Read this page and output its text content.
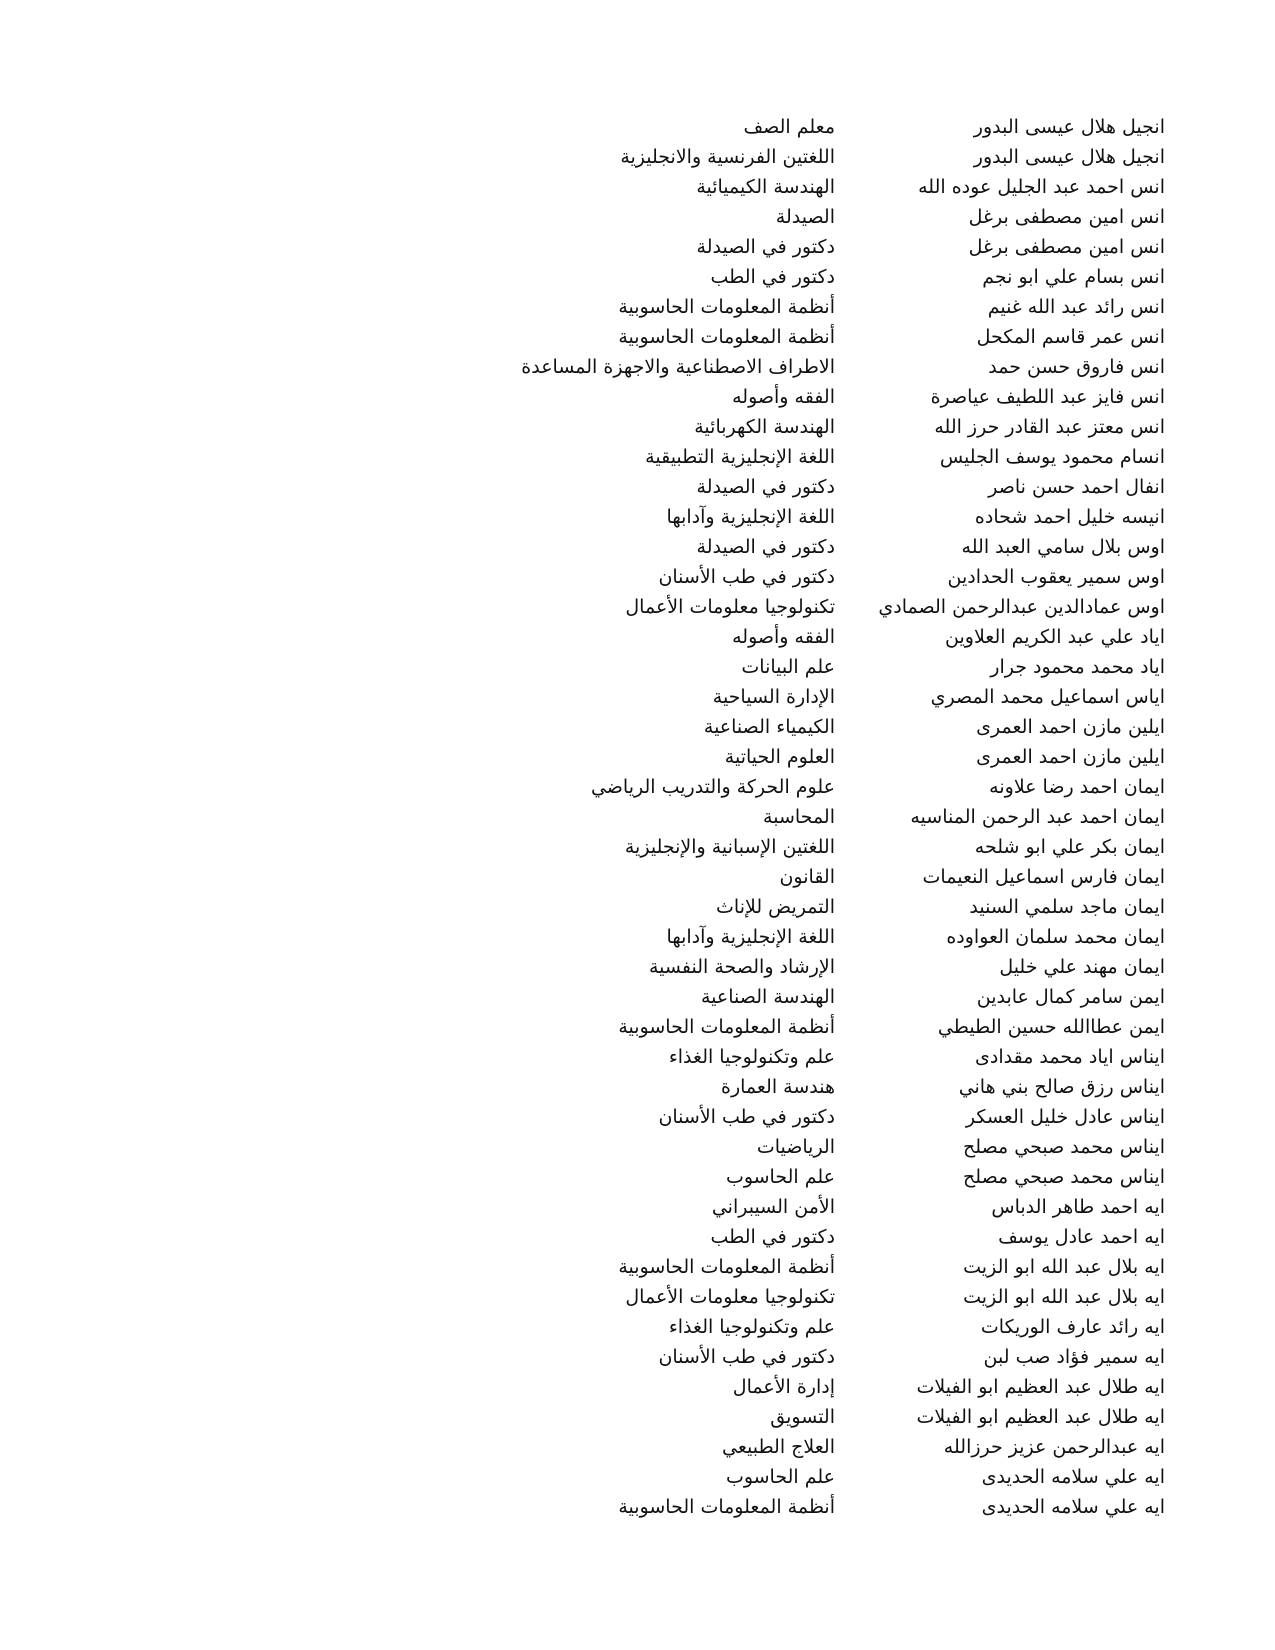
انجيل هلال عيسى البدور
معلم الصف
انجيل هلال عيسى البدور
اللغتين الفرنسية والانجليزية
انس احمد عبد الجليل عوده الله
الهندسة الكيميائية
انس امين مصطفى برغل
الصيدلة
انس امين مصطفى برغل
دكتور في الصيدلة
انس بسام علي ابو نجم
دكتور في الطب
انس رائد عبد الله غنيم
أنظمة المعلومات الحاسوبية
انس عمر قاسم المكحل
أنظمة المعلومات الحاسوبية
انس فاروق حسن حمد
الاطراف الاصطناعية والاجهزة المساعدة
انس فايز عبد اللطيف عياصرة
الفقه وأصوله
انس معتز عبد القادر حرز الله
الهندسة الكهربائية
انسام محمود يوسف الجليس
اللغة الإنجليزية التطبيقية
انفال احمد حسن ناصر
دكتور في الصيدلة
انيسه خليل احمد شحاده
اللغة الإنجليزية وآدابها
اوس بلال سامي العبد الله
دكتور في الصيدلة
اوس سمير يعقوب الحدادين
دكتور في طب الأسنان
اوس عمادالدين عبدالرحمن الصمادي
تكنولوجيا معلومات الأعمال
اياد علي عبد الكريم العلاوين
الفقه وأصوله
اياد محمد محمود جرار
علم البيانات
اياس اسماعيل محمد المصري
الإدارة السياحية
ايلين مازن احمد العمرى
الكيمياء الصناعية
ايلين مازن احمد العمرى
العلوم الحياتية
ايمان احمد رضا علاونه
علوم الحركة والتدريب الرياضي
ايمان احمد عبد الرحمن المناسيه
المحاسبة
ايمان بكر علي ابو شلحه
اللغتين الإسبانية والإنجليزية
ايمان فارس اسماعيل النعيمات
القانون
ايمان ماجد سلمي السنيد
التمريض للإناث
ايمان محمد سلمان العواوده
اللغة الإنجليزية وآدابها
ايمان مهند علي خليل
الإرشاد والصحة النفسية
ايمن سامر كمال عابدين
الهندسة الصناعية
ايمن عطاالله حسين الطيطي
أنظمة المعلومات الحاسوبية
ايناس اياد محمد مقدادى
علم وتكنولوجيا الغذاء
ايناس رزق صالح بني هاني
هندسة العمارة
ايناس عادل خليل العسكر
دكتور في طب الأسنان
ايناس محمد صبحي مصلح
الرياضيات
ايناس محمد صبحي مصلح
علم الحاسوب
ايه احمد طاهر الدباس
الأمن السيبراني
ايه احمد عادل يوسف
دكتور في الطب
ايه بلال عبد الله ابو الزيت
أنظمة المعلومات الحاسوبية
ايه بلال عبد الله ابو الزيت
تكنولوجيا معلومات الأعمال
ايه رائد عارف الوريكات
علم وتكنولوجيا الغذاء
ايه سمير فؤاد صب لبن
دكتور في طب الأسنان
ايه طلال عبد العظيم ابو الفيلات
إدارة الأعمال
ايه طلال عبد العظيم ابو الفيلات
التسويق
ايه عبدالرحمن عزيز حرزالله
العلاج الطبيعي
ايه علي سلامه الحديدى
علم الحاسوب
ايه علي سلامه الحديدى
أنظمة المعلومات الحاسوبية
